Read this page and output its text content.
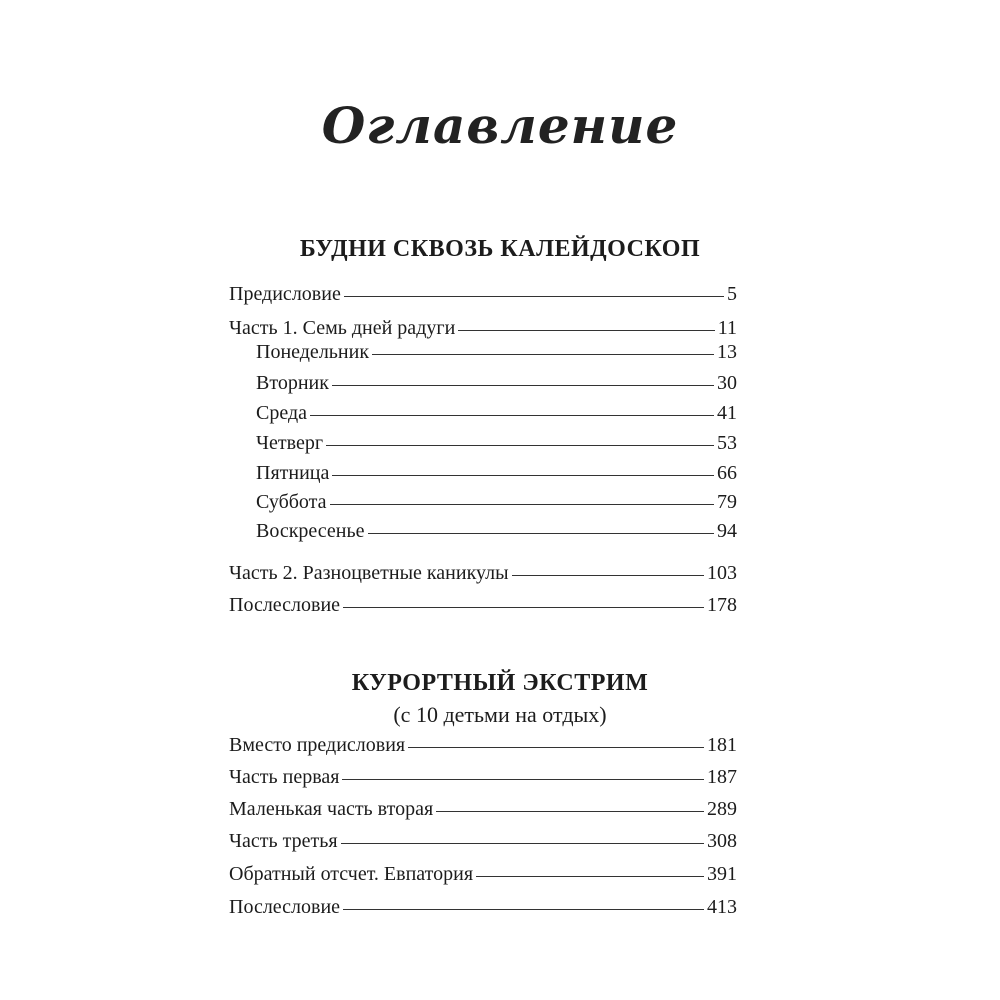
Оглавление
БУДНИ СКВОЗЬ КАЛЕЙДОСКОП
Предисловие	5
Часть 1. Семь дней радуги	11
Понедельник	13
Вторник	30
Среда	41
Четверг	53
Пятница	66
Суббота	79
Воскресенье	94
Часть 2. Разноцветные каникулы	103
Послесловие	178
КУРОРТНЫЙ ЭКСТРИМ
(с 10 детьми на отдых)
Вместо предисловия	181
Часть первая	187
Маленькая часть вторая	289
Часть третья	308
Обратный отсчет. Евпатория	391
Послесловие	413
